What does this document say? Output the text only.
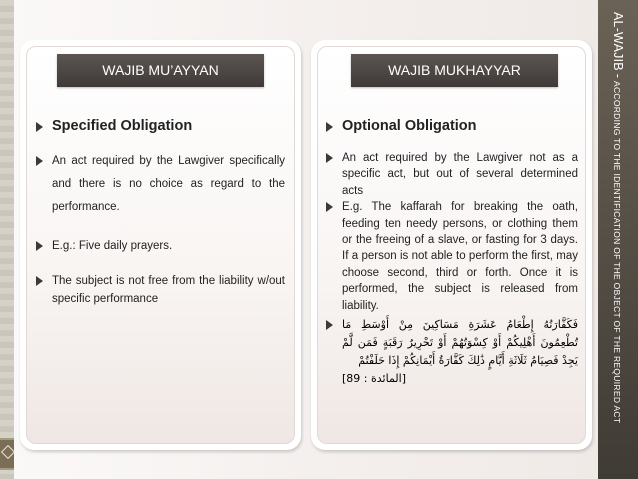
AL-WAJIB-ACCORDING TO THE IDENTIFICATION OF THE OBJECT OF THE REQUIRED ACT
WAJIB MU’AYYAN
Specified Obligation
An act required by the Lawgiver specifically and there is no choice as regard to the performance.
E.g.: Five daily prayers.
The subject is not free from the liability w/out specific performance
WAJIB MUKHAYYAR
Optional Obligation
An act required by the Lawgiver not as a specific act, but out of several determined acts
E.g. The kaffarah for breaking the oath, feeding ten needy persons, or clothing them or the freeing of a slave, or fasting for 3 days. If a person is not able to perform the first, may choose second, third or forth. Once it is performed, the subject is released from liability.
فَكَفَّارَتُهُ إِطْعَامُ عَشَرَةِ مَسَاكِينَ مِنْ أَوْسَطِ مَا تُطْعِمُونَ أَهْلِيكُمْ أَوْ كِسْوَتُهُمْ أَوْ تَحْرِيرُ رَقَبَةٍ فَمَن لَّمْ يَجِدْ فَصِيَامُ ثَلَاثَةِ أَيَّامٍ ذَٰلِكَ كَفَّارَةُ أَيْمَانِكُمْ إِذَا حَلَفْتُمْ
[المائدة : 89]
